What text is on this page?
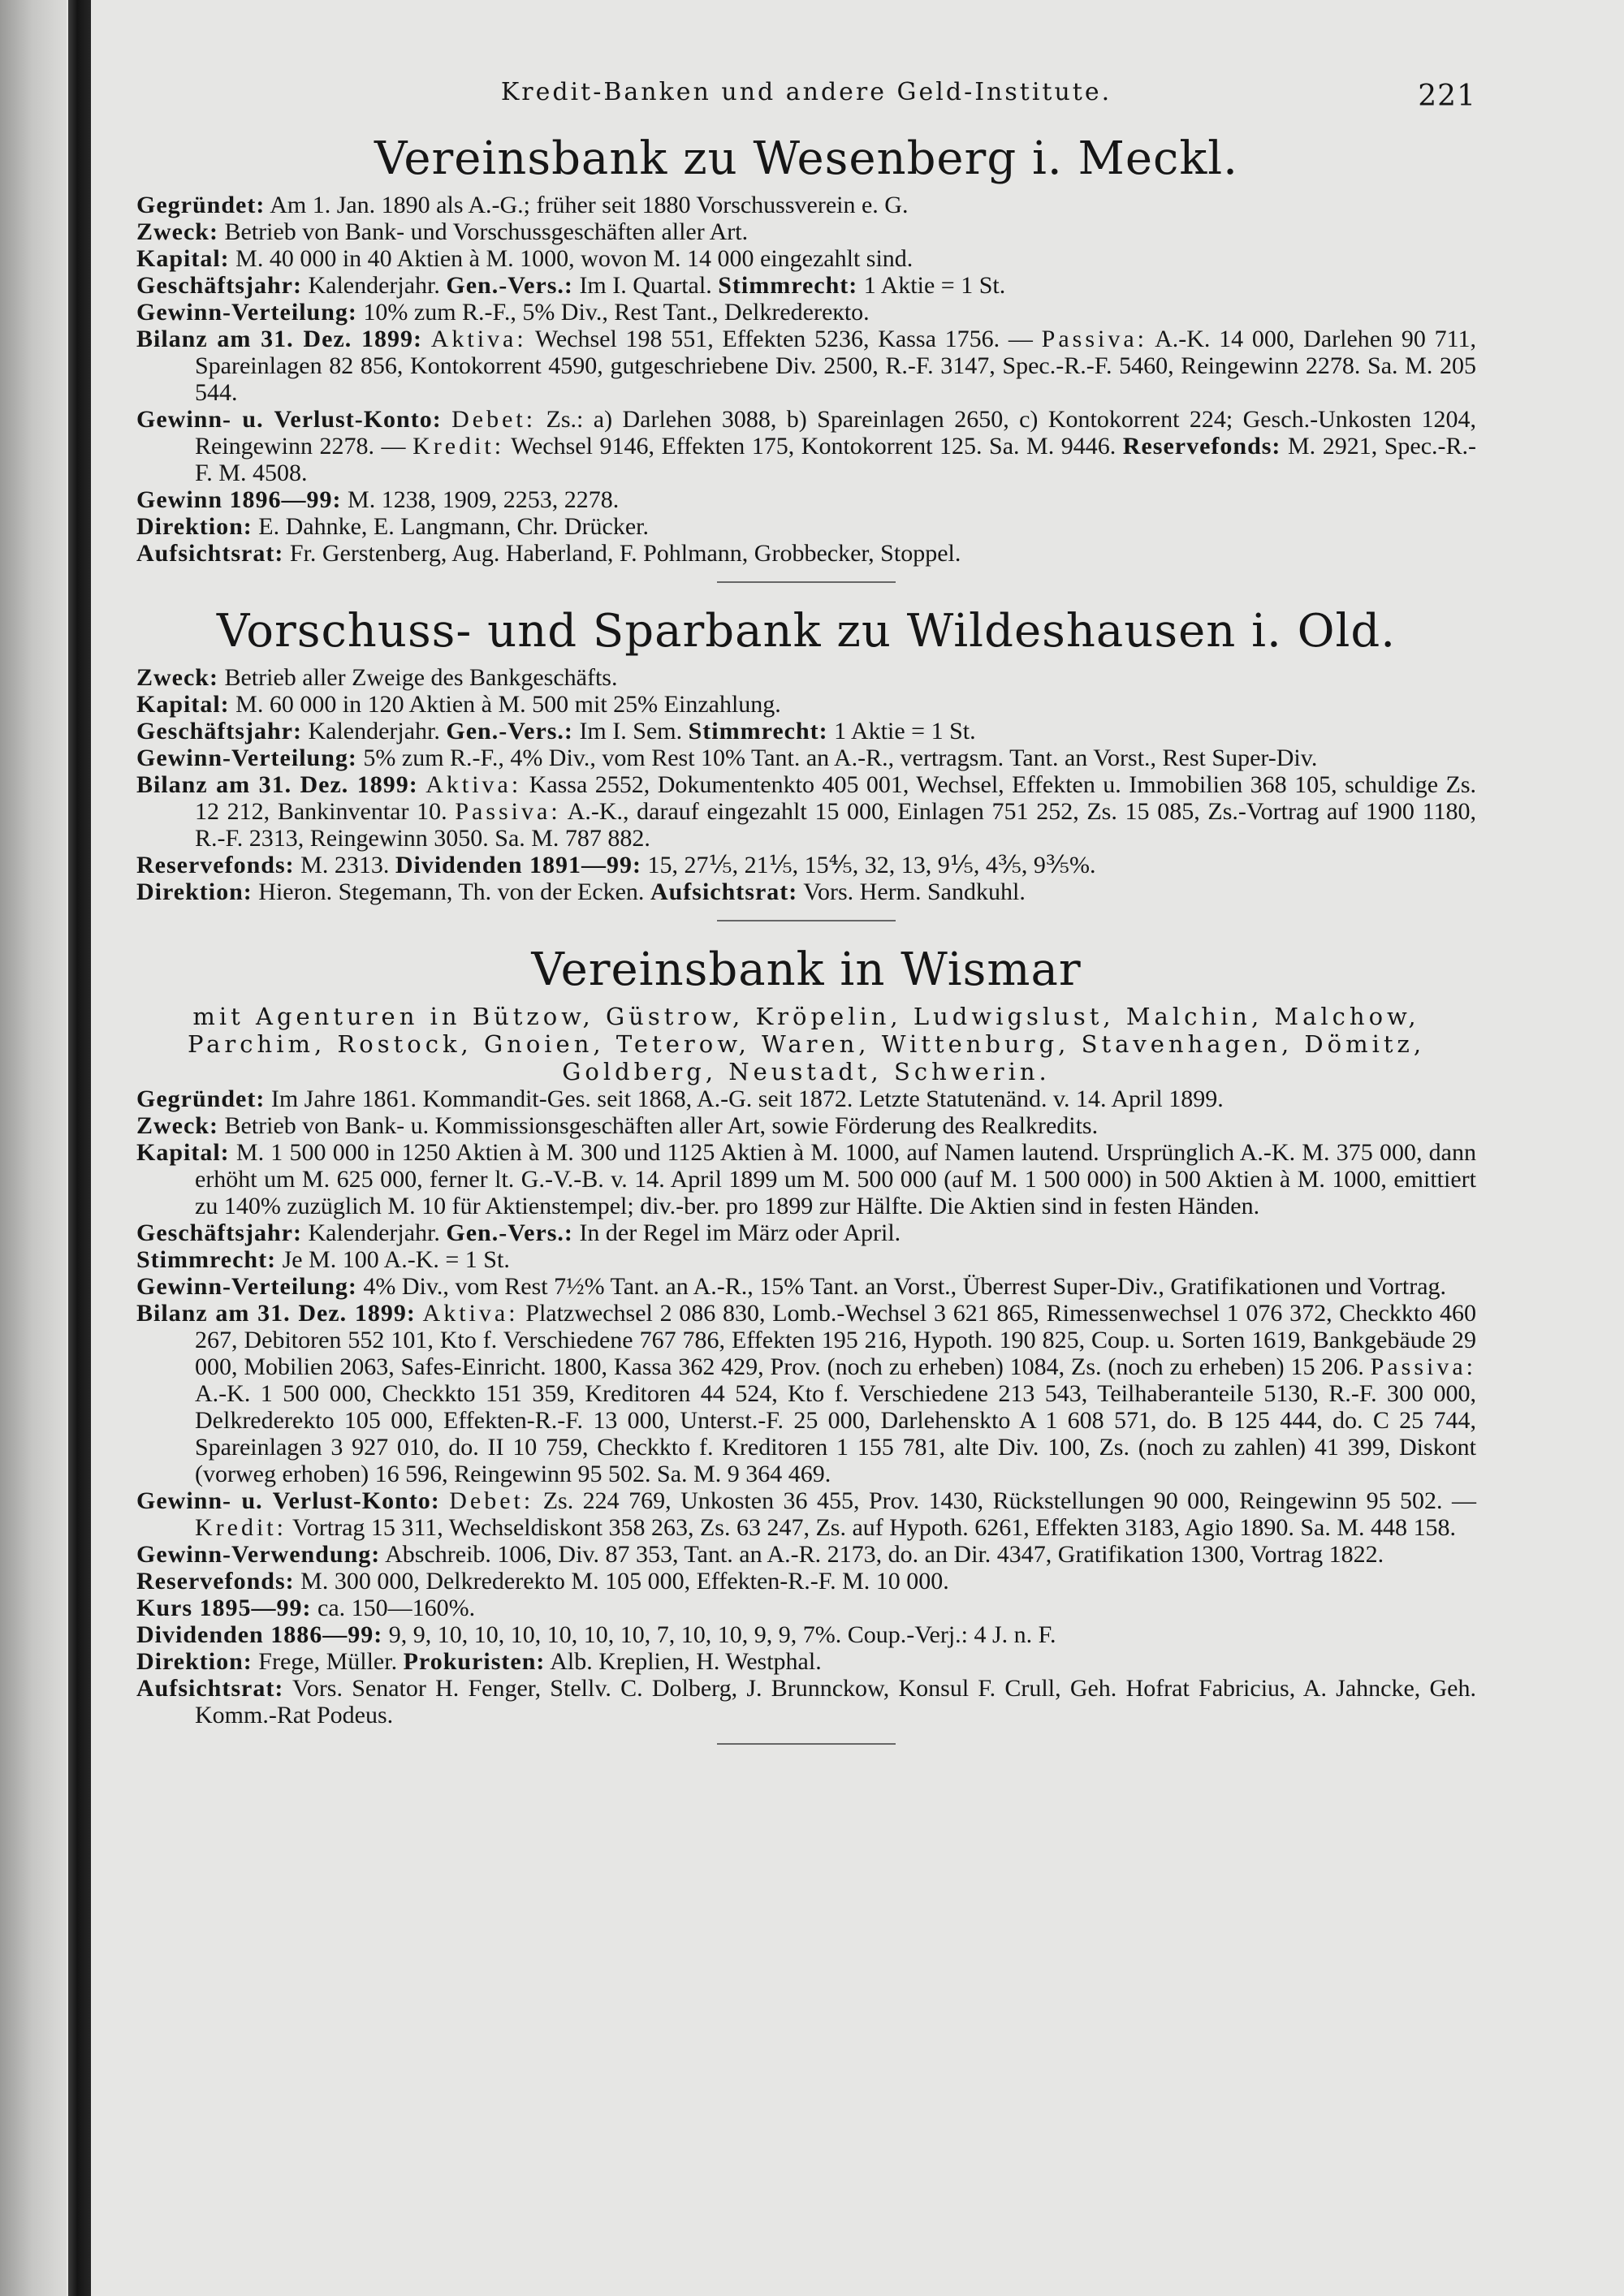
Kredit-Banken und andere Geld-Institute.	221
Vereinsbank zu Wesenberg i. Meckl.

Gegründet: Am 1. Jan. 1890 als A.-G.; früher seit 1880 Vorschussverein e. G.

Zweck: Betrieb von Bank- und Vorschussgeschäften aller Art.

Kapital: M. 40 000 in 40 Aktien à M. 1000, wovon M. 14 000 eingezahlt sind.

Geschäftsjahr: Kalenderjahr. Gen.-Vers.: Im I. Quartal. Stimmrecht: 1 Aktie = 1 St.

Gewinn-Verteilung: 10% zum R.-F., 5% Div., Rest Tant., Delkredereкto.

Bilanz am 31. Dez. 1899: Aktiva: Wechsel 198 551, Effekten 5236, Kassa 1756. — Passiva: A.-K. 14 000, Darlehen 90 711, Spareinlagen 82 856, Kontokorrent 4590, gutgeschriebene Div. 2500, R.-F. 3147, Spec.-R.-F. 5460, Reingewinn 2278. Sa. M. 205 544.

Gewinn- u. Verlust-Konto: Debet: Zs.: a) Darlehen 3088, b) Spareinlagen 2650, c) Kontokorrent 224; Gesch.-Unkosten 1204, Reingewinn 2278. — Kredit: Wechsel 9146, Effekten 175, Kontokorrent 125. Sa. M. 9446. Reservefonds: M. 2921, Spec.-R.-F. M. 4508.

Gewinn 1896—99: M. 1238, 1909, 2253, 2278.

Direktion: E. Dahnke, E. Langmann, Chr. Drücker.

Aufsichtsrat: Fr. Gerstenberg, Aug. Haberland, F. Pohlmann, Grobbecker, Stoppel.

Vorschuss- und Sparbank zu Wildeshausen i. Old.

Zweck: Betrieb aller Zweige des Bankgeschäfts.

Kapital: M. 60 000 in 120 Aktien à M. 500 mit 25% Einzahlung.

Geschäftsjahr: Kalenderjahr. Gen.-Vers.: Im I. Sem. Stimmrecht: 1 Aktie = 1 St.

Gewinn-Verteilung: 5% zum R.-F., 4% Div., vom Rest 10% Tant. an A.-R., vertragsm. Tant. an Vorst., Rest Super-Div.

Bilanz am 31. Dez. 1899: Aktiva: Kassa 2552, Dokumentenkto 405 001, Wechsel, Effekten u. Immobilien 368 105, schuldige Zs. 12 212, Bankinventar 10. Passiva: A.-K., darauf eingezahlt 15 000, Einlagen 751 252, Zs. 15 085, Zs.-Vortrag auf 1900 1180, R.-F. 2313, Reingewinn 3050. Sa. M. 787 882.

Reservefonds: M. 2313. Dividenden 1891—99: 15, 27⅕, 21⅕, 15⅘, 32, 13, 9⅕, 4⅗, 9⅗%.

Direktion: Hieron. Stegemann, Th. von der Ecken. Aufsichtsrat: Vors. Herm. Sandkuhl.

Vereinsbank in Wismar
mit Agenturen in Bützow, Güstrow, Kröpelin, Ludwigslust, Malchin, Malchow, Parchim, Rostock, Gnoien, Teterow, Waren, Wittenburg, Stavenhagen, Dömitz, Goldberg, Neustadt, Schwerin.

Gegründet: Im Jahre 1861. Kommandit-Ges. seit 1868, A.-G. seit 1872. Letzte Statutenänd. v. 14. April 1899.

Zweck: Betrieb von Bank- u. Kommissionsgeschäften aller Art, sowie Förderung des Realkredits.

Kapital: M. 1 500 000 in 1250 Aktien à M. 300 und 1125 Aktien à M. 1000, auf Namen lautend. Ursprünglich A.-K. M. 375 000, dann erhöht um M. 625 000, ferner lt. G.-V.-B. v. 14. April 1899 um M. 500 000 (auf M. 1 500 000) in 500 Aktien à M. 1000, emittiert zu 140% zuzüglich M. 10 für Aktienstempel; div.-ber. pro 1899 zur Hälfte. Die Aktien sind in festen Händen.

Geschäftsjahr: Kalenderjahr. Gen.-Vers.: In der Regel im März oder April.

Stimmrecht: Je M. 100 A.-K. = 1 St.

Gewinn-Verteilung: 4% Div., vom Rest 7½% Tant. an A.-R., 15% Tant. an Vorst., Überrest Super-Div., Gratifikationen und Vortrag.

Bilanz am 31. Dez. 1899: Aktiva: Platzwechsel 2 086 830, Lomb.-Wechsel 3 621 865, Rimessenwechsel 1 076 372, Checkkto 460 267, Debitoren 552 101, Kto f. Verschiedene 767 786, Effekten 195 216, Hypoth. 190 825, Coup. u. Sorten 1619, Bankgebäude 29 000, Mobilien 2063, Safes-Einricht. 1800, Kassa 362 429, Prov. (noch zu erheben) 1084, Zs. (noch zu erheben) 15 206. Passiva: A.-K. 1 500 000, Checkkto 151 359, Kreditoren 44 524, Kto f. Verschiedene 213 543, Teilhaberanteile 5130, R.-F. 300 000, Delkrederekto 105 000, Effekten-R.-F. 13 000, Unterst.-F. 25 000, Darlehenskto A 1 608 571, do. B 125 444, do. C 25 744, Spareinlagen 3 927 010, do. II 10 759, Checkkto f. Kreditoren 1 155 781, alte Div. 100, Zs. (noch zu zahlen) 41 399, Diskont (vorweg erhoben) 16 596, Reingewinn 95 502. Sa. M. 9 364 469.

Gewinn- u. Verlust-Konto: Debet: Zs. 224 769, Unkosten 36 455, Prov. 1430, Rückstellungen 90 000, Reingewinn 95 502. — Kredit: Vortrag 15 311, Wechseldiskont 358 263, Zs. 63 247, Zs. auf Hypoth. 6261, Effekten 3183, Agio 1890. Sa. M. 448 158.

Gewinn-Verwendung: Abschreib. 1006, Div. 87 353, Tant. an A.-R. 2173, do. an Dir. 4347, Gratifikation 1300, Vortrag 1822.

Reservefonds: M. 300 000, Delkrederekto M. 105 000, Effekten-R.-F. M. 10 000.

Kurs 1895—99: ca. 150—160%.

Dividenden 1886—99: 9, 9, 10, 10, 10, 10, 10, 10, 7, 10, 10, 9, 9, 7%. Coup.-Verj.: 4 J. n. F.

Direktion: Frege, Müller. Prokuristen: Alb. Kreplien, H. Westphal.

Aufsichtsrat: Vors. Senator H. Fenger, Stellv. C. Dolberg, J. Brunnckow, Konsul F. Crull, Geh. Hofrat Fabricius, A. Jahncke, Geh. Komm.-Rat Podeus.
